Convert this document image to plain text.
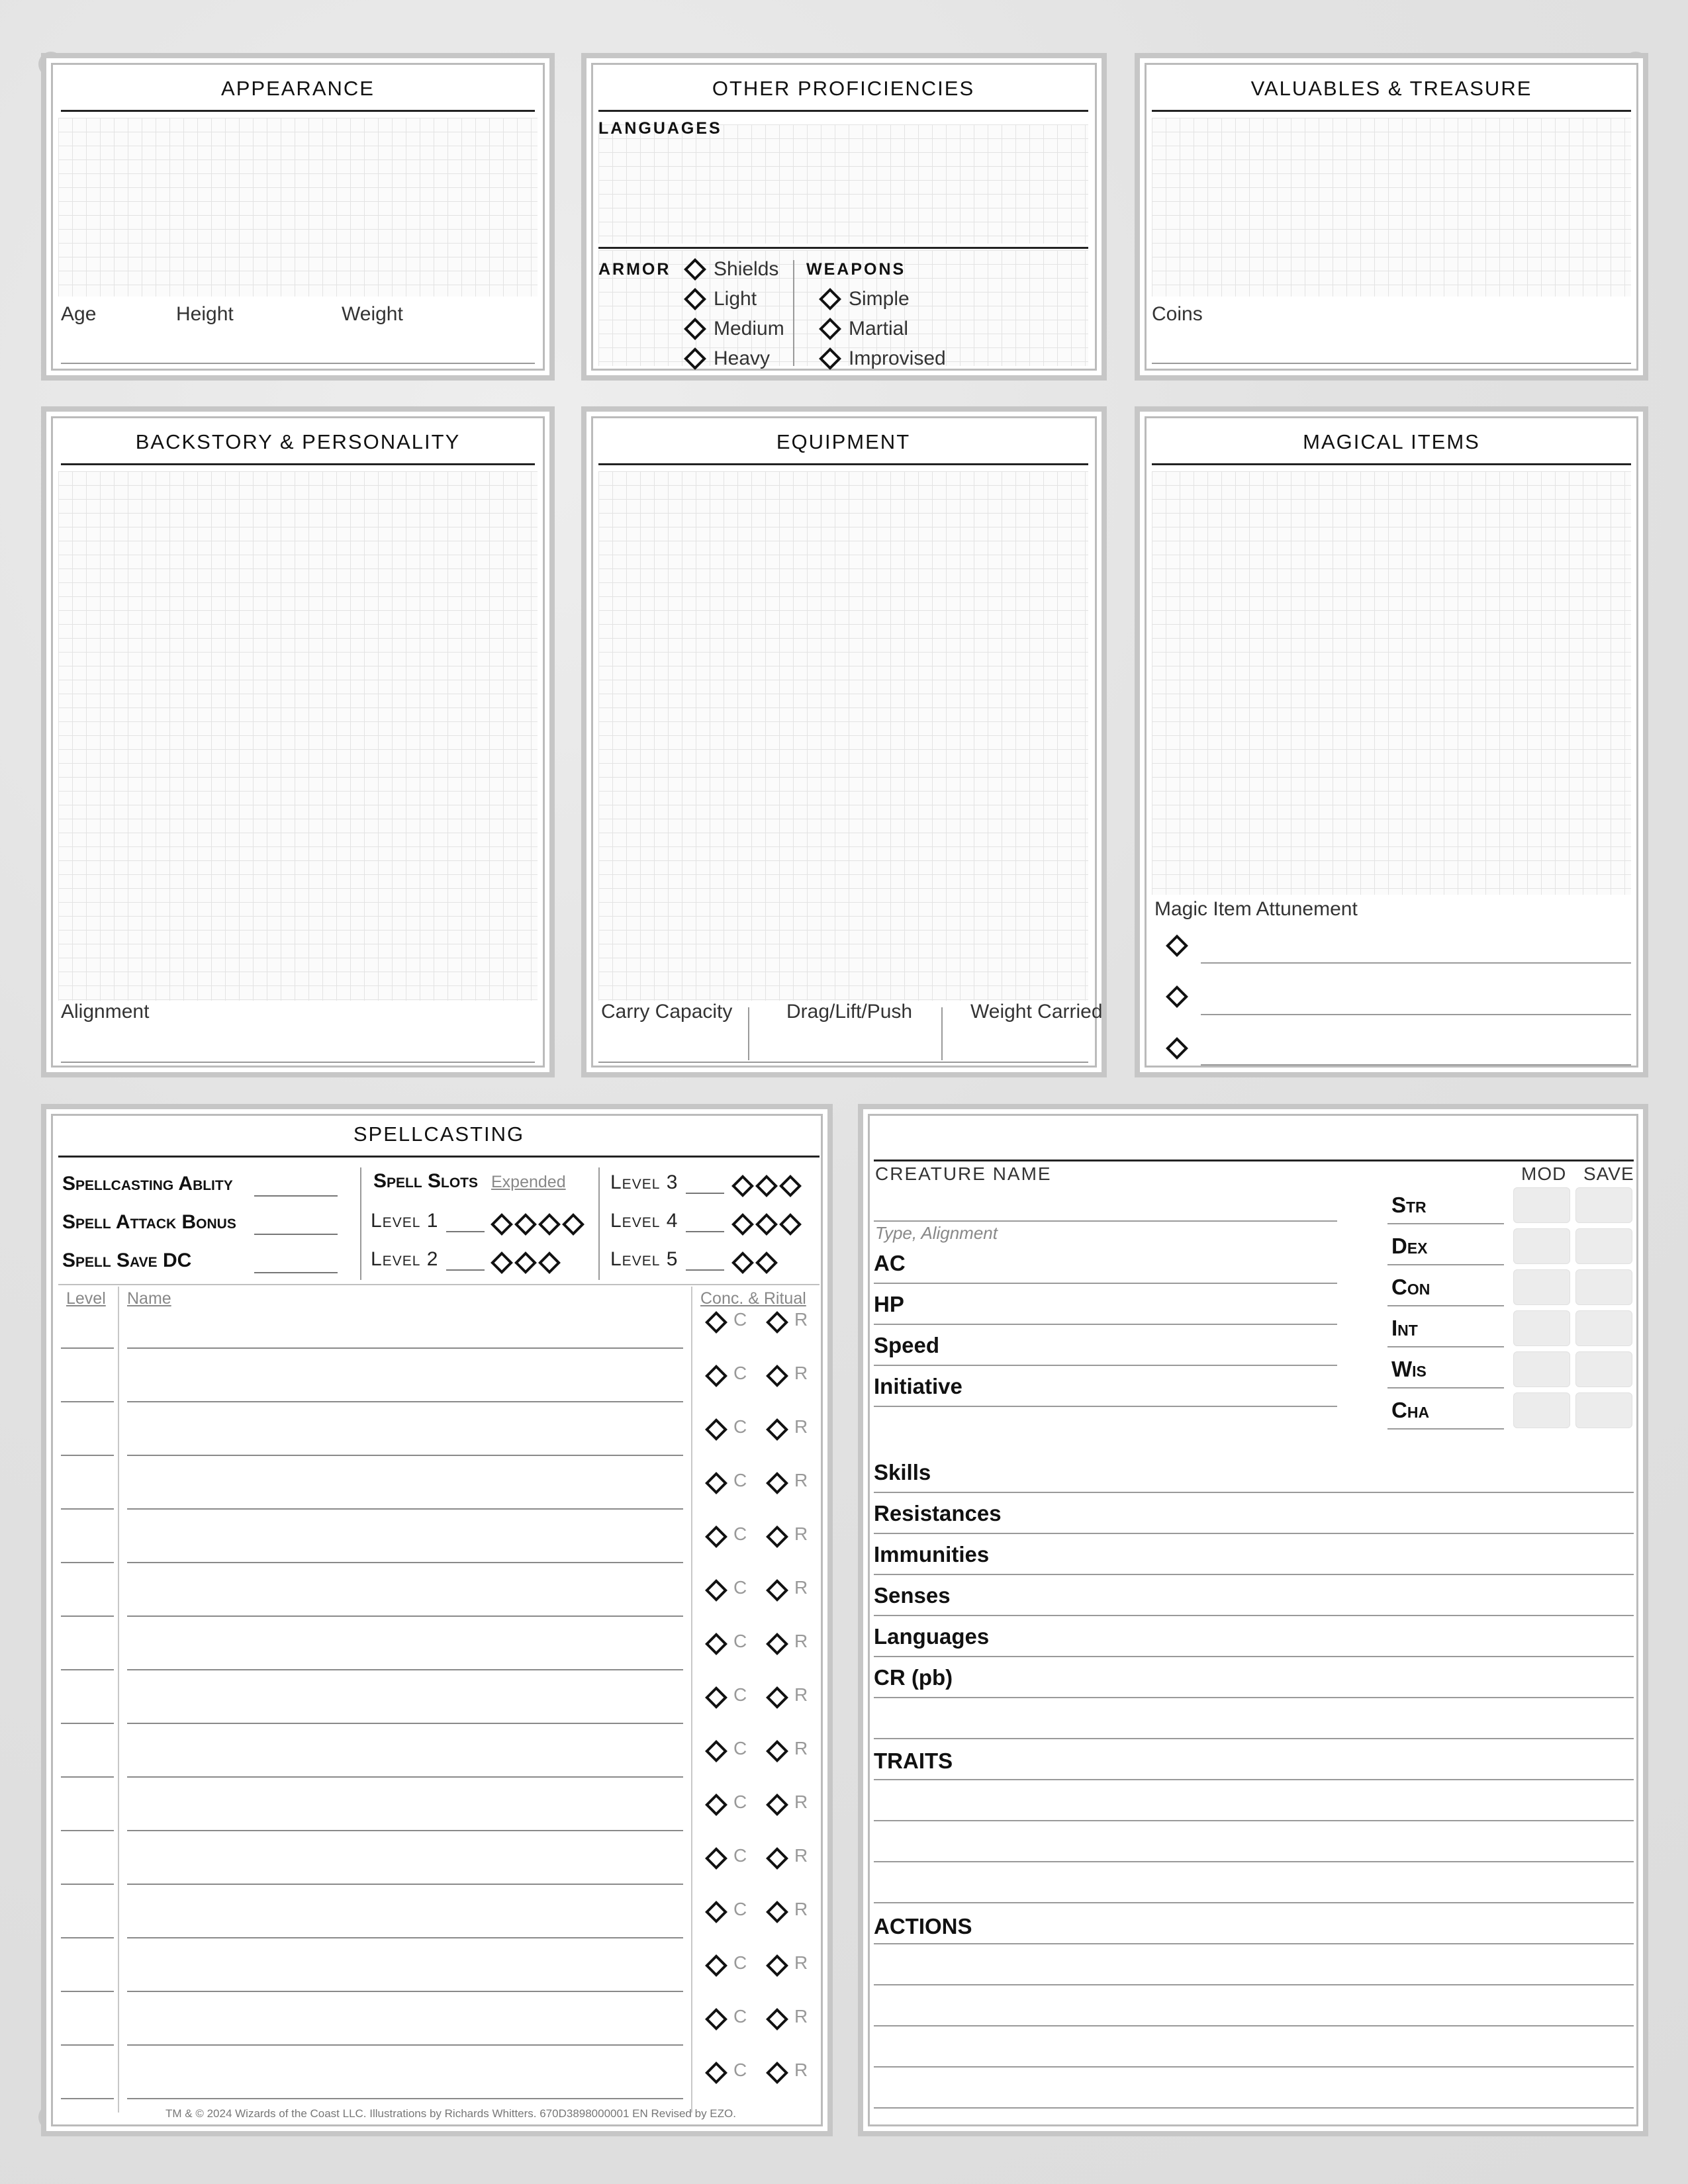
APPEARANCE
Age	Height	Weight
OTHER PROFICIENCIES
LANGUAGES
ARMOR Shields
Light
Medium
Heavy
WEAPONS
Simple
Martial
Improvised
VALUABLES & TREASURE
Coins
BACKSTORY & PERSONALITY
Alignment
EQUIPMENT
Carry Capacity	Drag/Lift/Push	Weight Carried
MAGICAL ITEMS
Magic Item Attunement
SPELLCASTING
Spellcasting Ablity
Spell Attack Bonus
Spell Save DC
Spell Slots Expended
Level 1
Level 2
Level 3
Level 4
Level 5
Level Name	Conc. & Ritual
C	R
C	R
C	R
C	R
C	R
C	R
C	R
C	R
C	R
C	R
C	R
C	R
C	R
C	R
C	R
TM & © 2024 Wizards of the Coast LLC. Illustrations by Richards Whitters. 670D3898000001 EN Revised by EZO.
CREATURE NAME
Type, Alignment
AC
HP
Speed
Initiative
MOD SAVE
Str
Dex
Con
Int
Wis
Cha
Skills
Resistances
Immunities
Senses
Languages
CR (pb)
TRAITS
ACTIONS
